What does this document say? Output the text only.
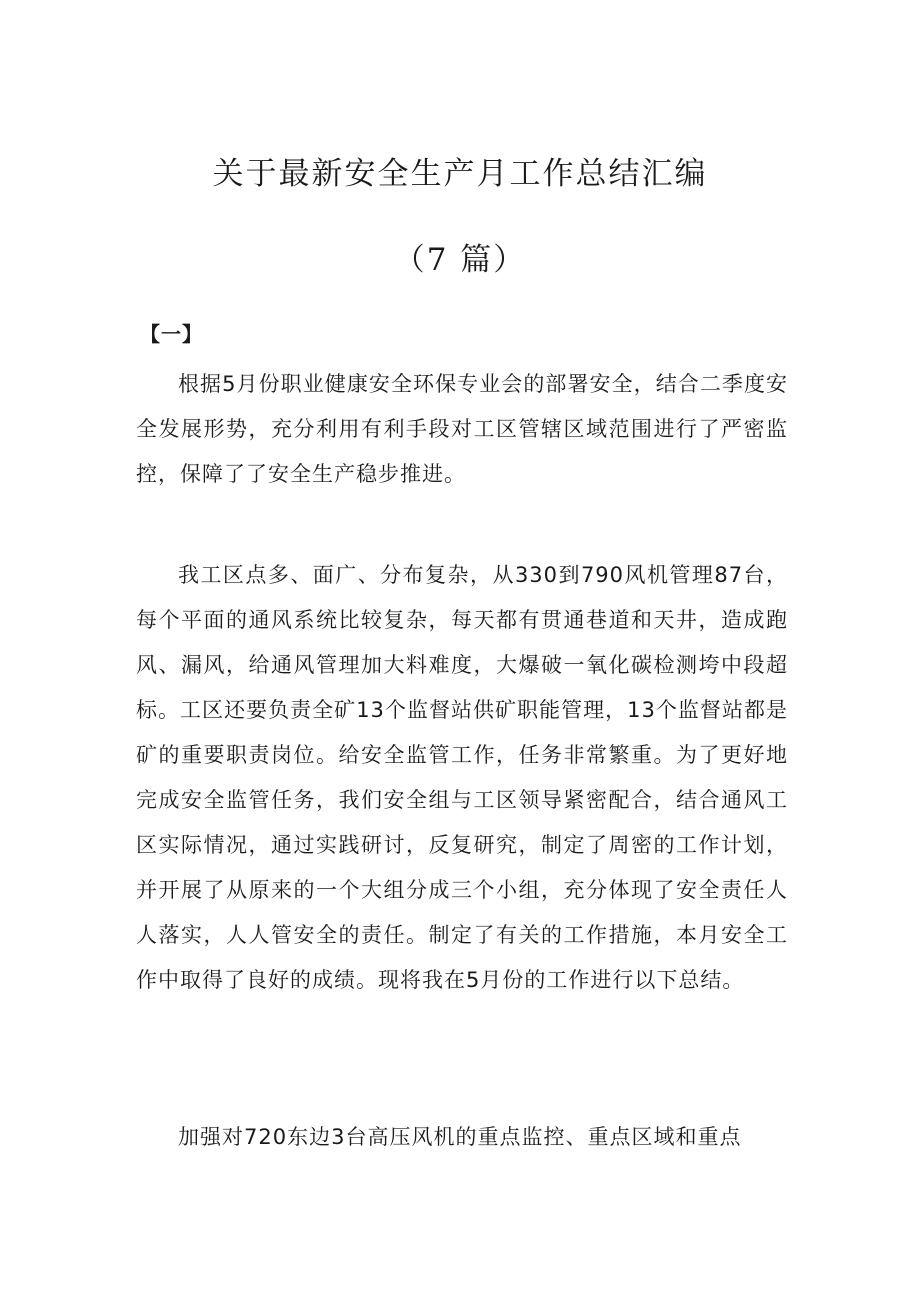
关于最新安全生产月工作总结汇编
（7 篇）
【一】

根据5月份职业健康安全环保专业会的部署安全，结合二季度安全发展形势，充分利用有利手段对工区管辖区域范围进行了严密监控，保障了了安全生产稳步推进。

我工区点多、面广、分布复杂，从330到790风机管理87台，每个平面的通风系统比较复杂，每天都有贯通巷道和天井，造成跑风、漏风，给通风管理加大料难度，大爆破一氧化碳检测垮中段超标。工区还要负责全矿13个监督站供矿职能管理，13个监督站都是矿的重要职责岗位。给安全监管工作，任务非常繁重。为了更好地完成安全监管任务，我们安全组与工区领导紧密配合，结合通风工区实际情况，通过实践研讨，反复研究，制定了周密的工作计划，并开展了从原来的一个大组分成三个小组，充分体现了安全责任人人落实，人人管安全的责任。制定了有关的工作措施，本月安全工作中取得了良好的成绩。现将我在5月份的工作进行以下总结。

加强对720东边3台高压风机的重点监控、重点区域和重点
